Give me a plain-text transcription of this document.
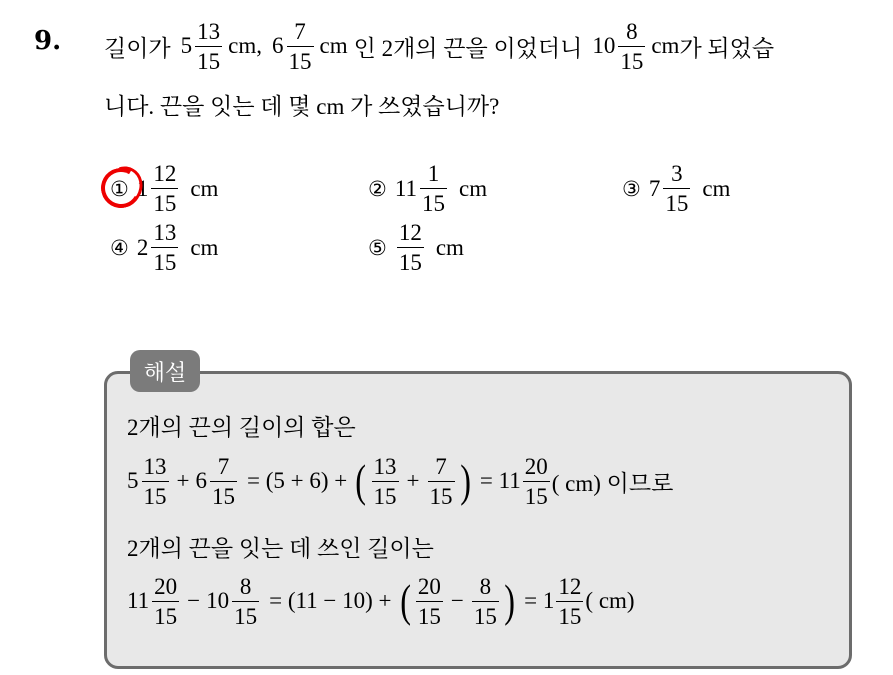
9. 길이가 $5 \frac{13}{15}$ cm, $6 \frac{7}{15}$ cm 인 2개의 끈을 이었더니 $10 \frac{8}{15}$ cm 가 되었습
니다. 끈을 잇는 데 몇 cm 가 쓰였습니까?
① $1 \frac{12}{15}$ cm	② $11 \frac{1}{15}$ cm	③ $7 \frac{3}{15}$ cm
④ $2 \frac{13}{15}$ cm	⑤ $\frac{12}{15}$ cm
해설
2개의 끈의 길이의 합은
$5 \frac{13}{15} + 6 \frac{7}{15} = (5 + 6)$ + ( $\frac{13}{15} + \frac{7}{15}$ ) = $11 \frac{20}{15}$ ( cm) 이므로
2개의 끈을 잇는 데 쓰인 길이는
$11 \frac{20}{15} - 10 \frac{8}{15} = (11 - 10)$ + ( $\frac{20}{15} - \frac{8}{15}$ ) = $1 \frac{12}{15}$ ( cm)
